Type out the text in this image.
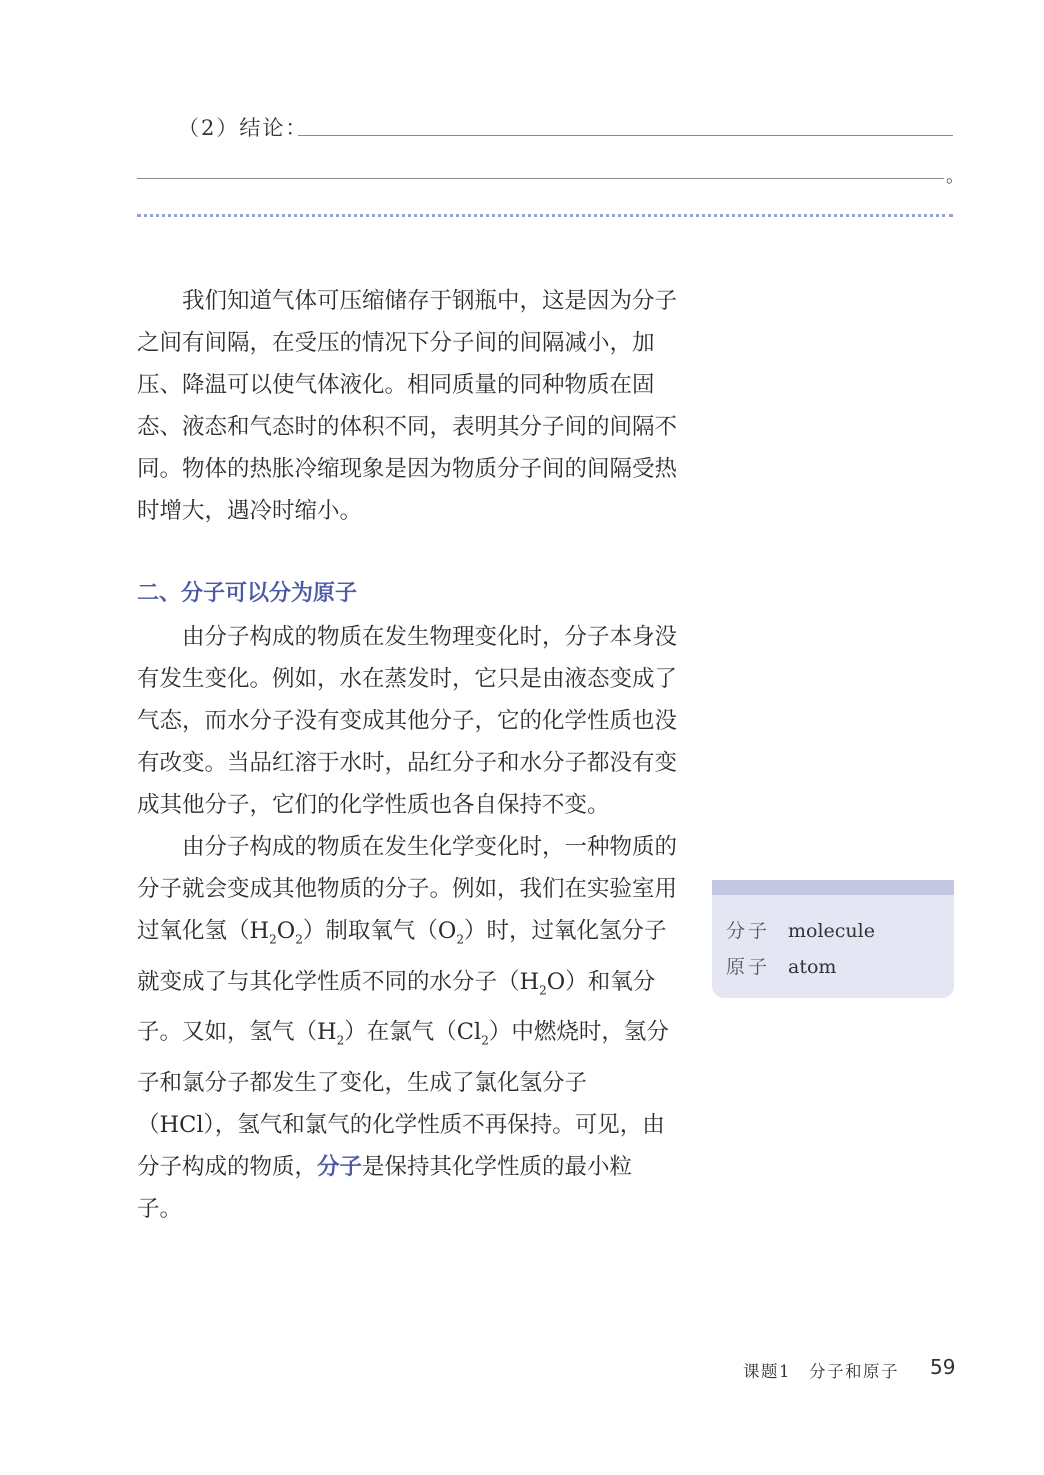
（2）结论：
。

我们知道气体可压缩储存于钢瓶中，这是因为分子之间有间隔，在受压的情况下分子间的间隔减小，加压、降温可以使气体液化。相同质量的同种物质在固态、液态和气态时的体积不同，表明其分子间的间隔不同。物体的热胀冷缩现象是因为物质分子间的间隔受热时增大，遇冷时缩小。

二、分子可以分为原子

由分子构成的物质在发生物理变化时，分子本身没有发生变化。例如，水在蒸发时，它只是由液态变成了气态，而水分子没有变成其他分子，它的化学性质也没有改变。当品红溶于水时，品红分子和水分子都没有变成其他分子，它们的化学性质也各自保持不变。

由分子构成的物质在发生化学变化时，一种物质的分子就会变成其他物质的分子。例如，我们在实验室用过氧化氢$(H_2O_2)$制取氧气$(O_2)$时，过氧化氢分子就变成了与其化学性质不同的水分子$(H_2O)$和氧分子。又如，氢气$(H_2)$在氯气$(Cl_2)$中燃烧时，氢分子和氯分子都发生了变化，生成了氯化氢分子（HCl），氢气和氯气的化学性质不再保持。可见，由分子构成的物质，分子是保持其化学性质的最小粒子。

分子 molecule
原子 atom
课题1　分子和原子 59
